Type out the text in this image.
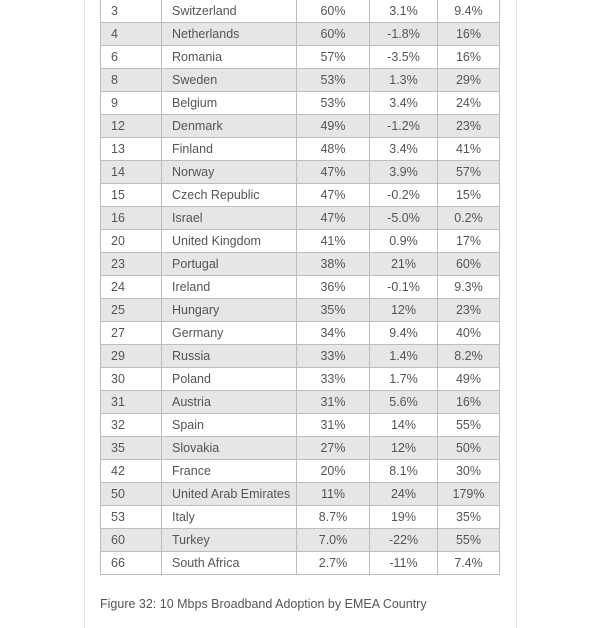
3	Switzerland	60%	3.1%	9.4%
4	Netherlands	60%	-1.8%	16%
6	Romania	57%	-3.5%	16%
8	Sweden	53%	1.3%	29%
9	Belgium	53%	3.4%	24%
12	Denmark	49%	-1.2%	23%
13	Finland	48%	3.4%	41%
14	Norway	47%	3.9%	57%
15	Czech Republic	47%	-0.2%	15%
16	Israel	47%	-5.0%	0.2%
20	United Kingdom	41%	0.9%	17%
23	Portugal	38%	21%	60%
24	Ireland	36%	-0.1%	9.3%
25	Hungary	35%	12%	23%
27	Germany	34%	9.4%	40%
29	Russia	33%	1.4%	8.2%
30	Poland	33%	1.7%	49%
31	Austria	31%	5.6%	16%
32	Spain	31%	14%	55%
35	Slovakia	27%	12%	50%
42	France	20%	8.1%	30%
50	United Arab Emirates	11%	24%	179%
53	Italy	8.7%	19%	35%
60	Turkey	7.0%	-22%	55%
66	South Africa	2.7%	-11%	7.4%
Figure 32: 10 Mbps Broadband Adoption by EMEA Country
